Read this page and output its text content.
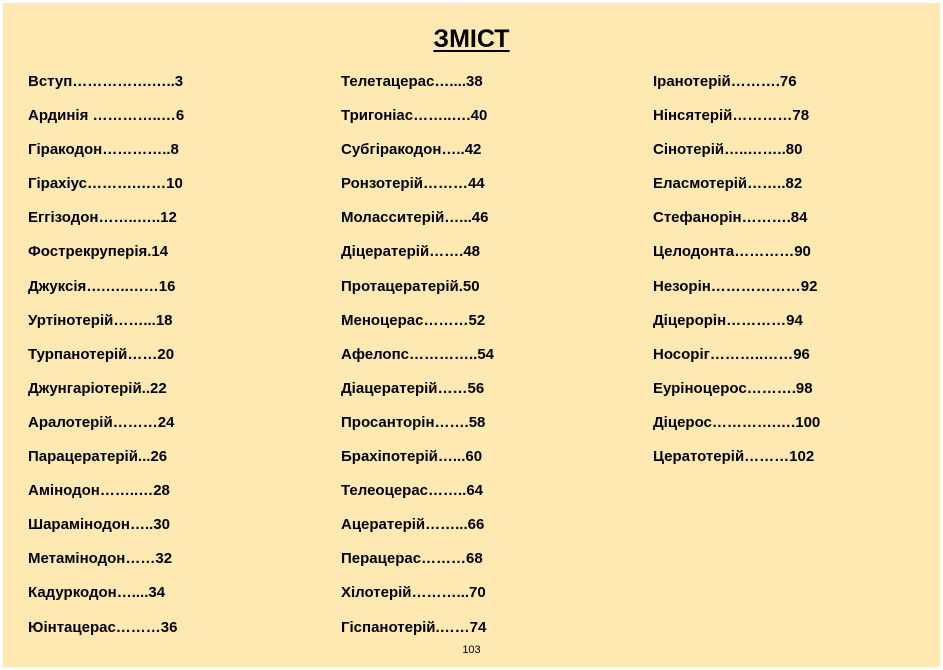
ЗМІСТ
Вступ…………….…..3
Ардинія …………..…6
Гіракодон…………..8
Гірахіус……….……10
Еггізодон……..…..12
Фострекруперія.14
Джуксія….…..……16
Уртінотерій……...18
Турпанотерій……20
Джунгаріотерій..22
Аралотерій………24
Парацератерій...26
Амінодон……..…28
Шарамінодон…..30
Метамінодон……32
Кадуркодон…....34
Юінтацерас………36
Телетацерас…....38
Тригоніас……..….40
Субгіракодон…..42
Ронзотерій………44
Моласситерій…...46
Діцератерій…….48
Протацератерій.50
Меноцерас………52
Афелопс…………..54
Діацератерій……56
Просанторін…….58
Брахіпотерій…...60
Телеоцерас……..64
Ацератерій……...66
Перацерас………68
Хілотерій………...70
Гіспанотерій.……74
Іранотерій……….76
Нінсятерій…………78
Сінотерій…..……..80
Еласмотерій……..82
Стефанорін……….84
Целодонта…………90
Незорін………………92
Діцерорін…………94
Носоріг………..……96
Еуріноцерос……….98
Діцерос………….….100
Цератотерій………102
103
